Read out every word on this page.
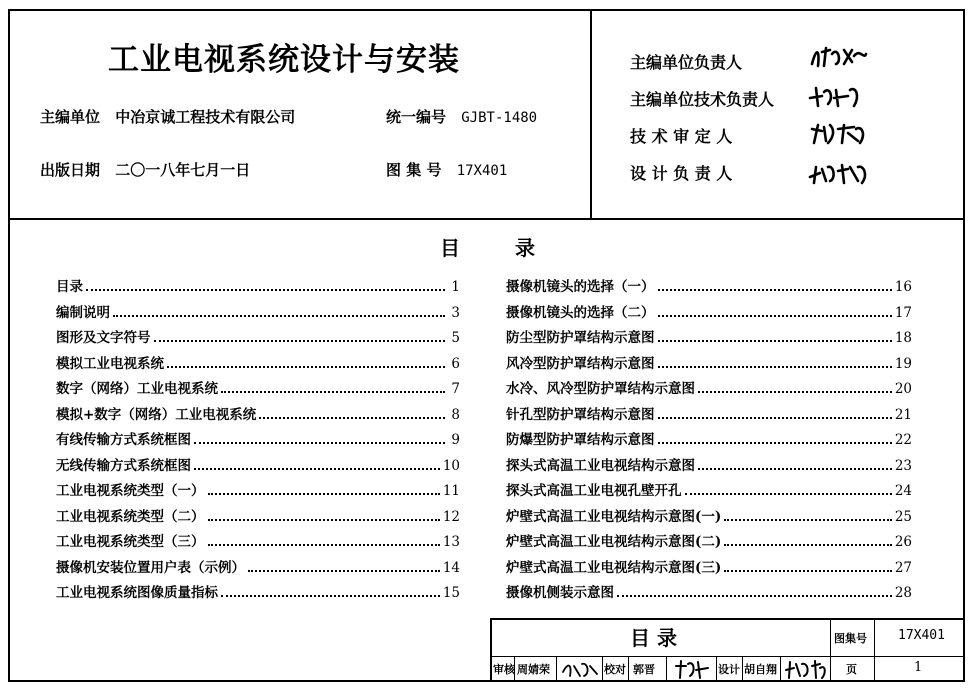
工业电视系统设计与安装
主编单位 中冶京诚工程技术有限公司	统一编号 GJBT-1480
出版日期 二〇一八年七月一日	图 集 号 17X401
主编单位负责人
主编单位技术负责人
技 术 审 定 人
设 计 负 责 人
目	录
目录	1
编制说明	3
图形及文字符号	5
模拟工业电视系统	6
数字（网络）工业电视系统	7
模拟+数字（网络）工业电视系统	8
有线传输方式系统框图	9
无线传输方式系统框图	10
工业电视系统类型（一）	11
工业电视系统类型（二）	12
工业电视系统类型（三）	13
摄像机安装位置用户表（示例）	14
工业电视系统图像质量指标	15
摄像机镜头的选择（一）	16
摄像机镜头的选择（二）	17
防尘型防护罩结构示意图	18
风冷型防护罩结构示意图	19
水冷、风冷型防护罩结构示意图	20
针孔型防护罩结构示意图	21
防爆型防护罩结构示意图	22
探头式高温工业电视结构示意图	23
探头式高温工业电视孔壁开孔	24
炉壁式高温工业电视结构示意图(一)	25
炉壁式高温工业电视结构示意图(二)	26
炉壁式高温工业电视结构示意图(三)	27
摄像机侧装示意图	28
目 录	图集号 17X401
审核 周婧荣	校对 郭晋	设计 胡自翔	页	1
